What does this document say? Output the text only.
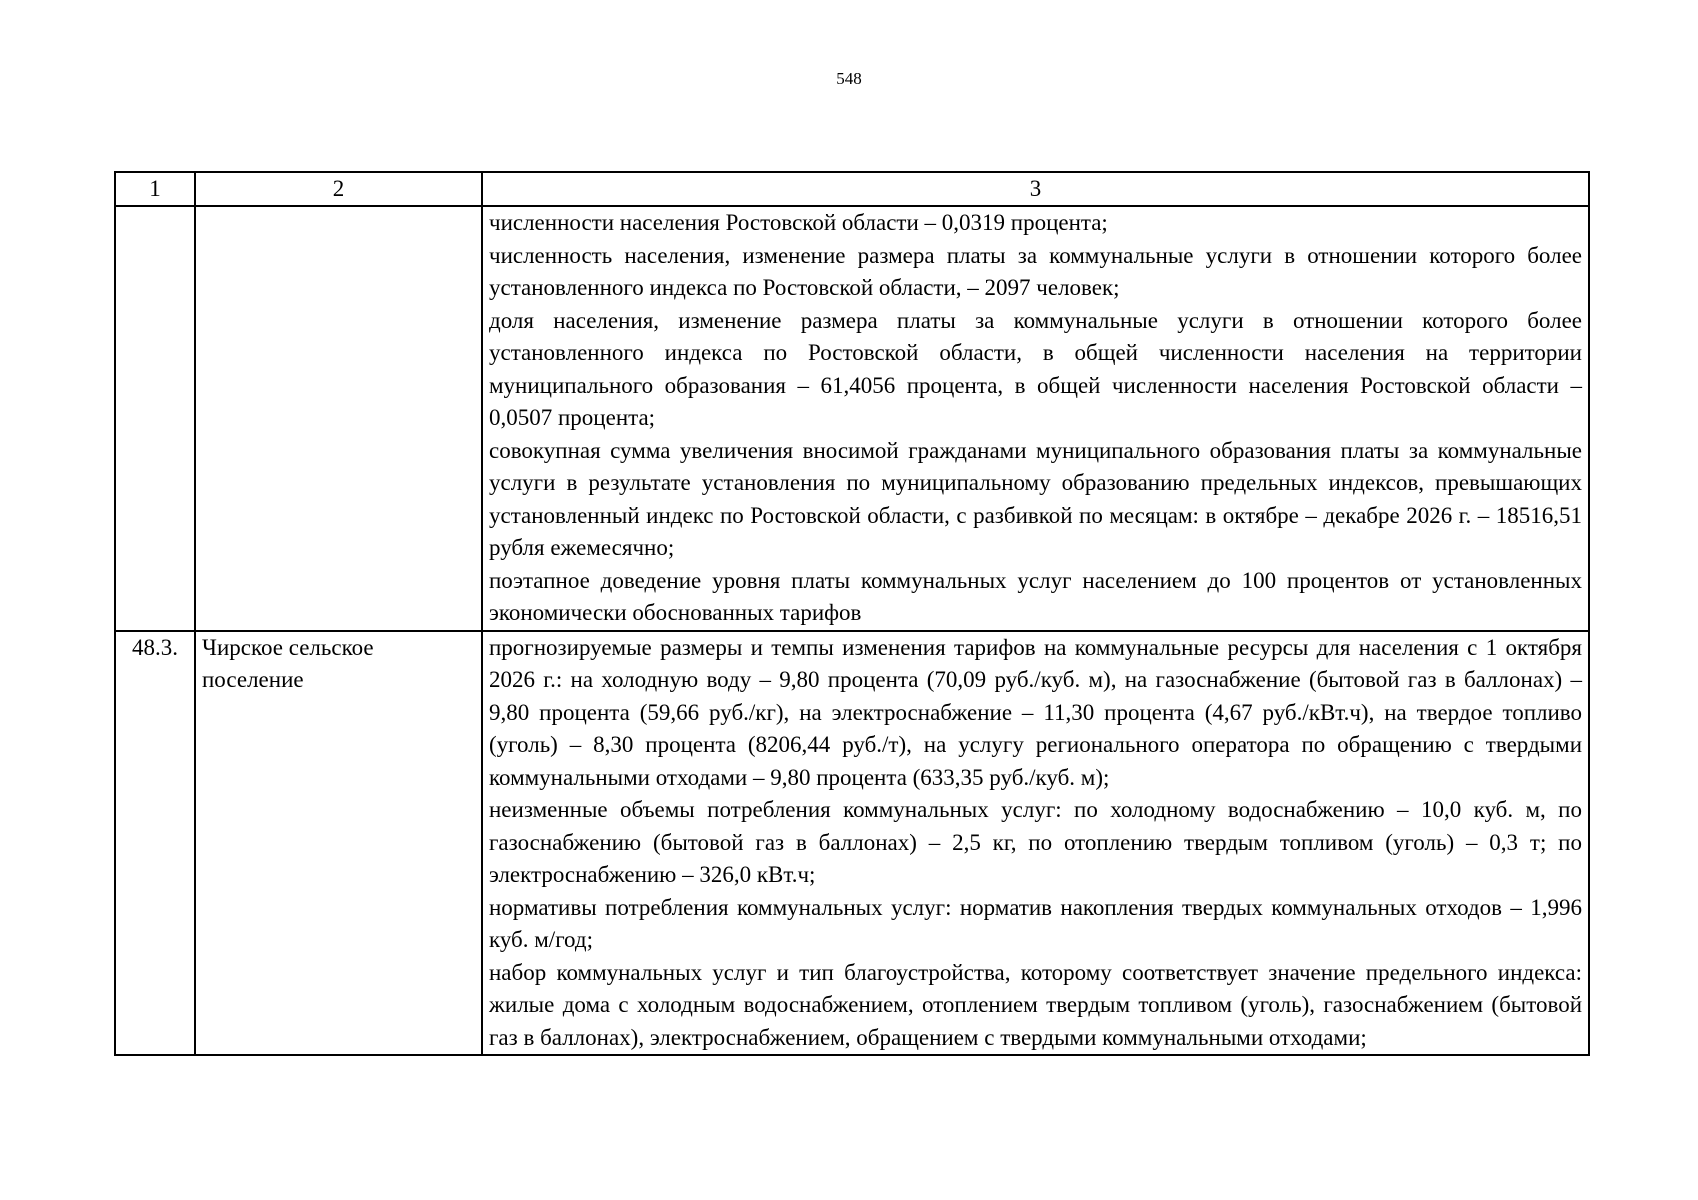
548
1	2	3

		численности населения Ростовской области – 0,0319 процента;

численность населения, изменение размера платы за коммунальные услуги в отношении которого более установленного индекса по Ростовской области, – 2097 человек;

доля населения, изменение размера платы за коммунальные услуги в отношении которого более установленного индекса по Ростовской области, в общей численности населения на территории муниципального образования – 61,4056 процента, в общей численности населения Ростовской области – 0,0507 процента;

совокупная сумма увеличения вносимой гражданами муниципального образования платы за коммунальные услуги в результате установления по муниципальному образованию предельных индексов, превышающих установленный индекс по Ростовской области, с разбивкой по месяцам: в октябре – декабре 2026 г. – 18516,51 рубля ежемесячно;

поэтапное доведение уровня платы коммунальных услуг населением до 100 процентов от установленных экономически обоснованных тарифов

48.3.	Чирское сельское поселение	прогнозируемые размеры и темпы изменения тарифов на коммунальные ресурсы для населения с 1 октября 2026 г.: на холодную воду – 9,80 процента (70,09 руб./куб. м), на газоснабжение (бытовой газ в баллонах) – 9,80 процента (59,66 руб./кг), на электроснабжение – 11,30 процента (4,67 руб./кВт.ч), на твердое топливо (уголь) – 8,30 процента (8206,44 руб./т), на услугу регионального оператора по обращению с твердыми коммунальными отходами – 9,80 процента (633,35 руб./куб. м);

неизменные объемы потребления коммунальных услуг: по холодному водоснабжению – 10,0 куб. м, по газоснабжению (бытовой газ в баллонах) – 2,5 кг, по отоплению твердым топливом (уголь) – 0,3 т; по электроснабжению – 326,0 кВт.ч;

нормативы потребления коммунальных услуг: норматив накопления твердых коммунальных отходов – 1,996 куб. м/год;

набор коммунальных услуг и тип благоустройства, которому соответствует значение предельного индекса: жилые дома с холодным водоснабжением, отоплением твердым топливом (уголь), газоснабжением (бытовой газ в баллонах), электроснабжением, обращением с твердыми коммунальными отходами;
